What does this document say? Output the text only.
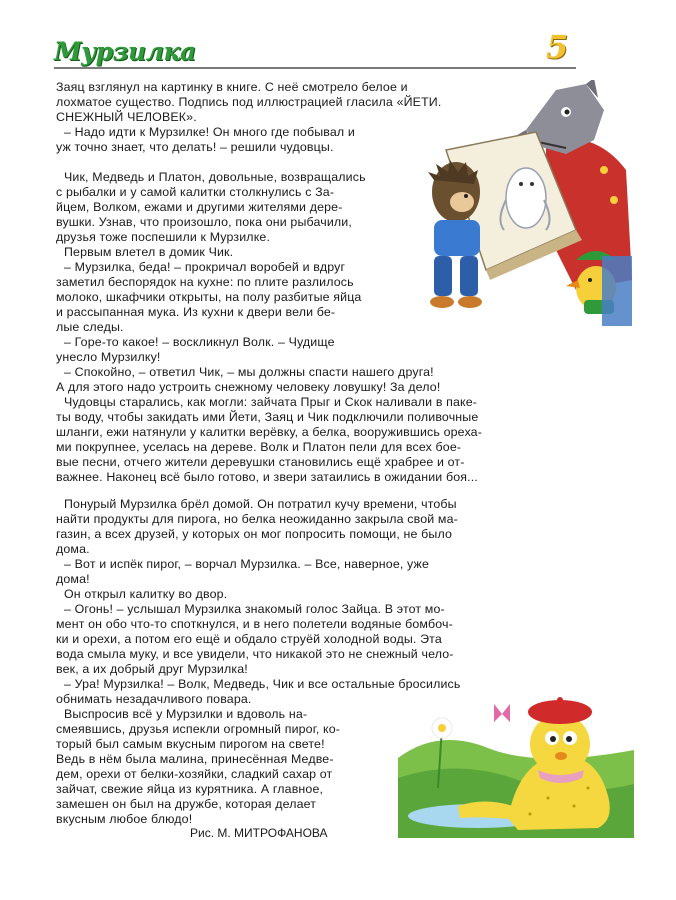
Мурзилка	5
Заяц взглянул на картинку в книге. С неё смотрело белое и
лохматое существо. Подпись под иллюстрацией гласила «ЙЕТИ.
СНЕЖНЫЙ ЧЕЛОВЕК».
– Надо идти к Мурзилке! Он много где побывал и
уж точно знает, что делать! – решили чудовцы.
Чик, Медведь и Платон, довольные, возвращались
с рыбалки и у самой калитки столкнулись с За-
йцем, Волком, ежами и другими жителями дере-
вушки. Узнав, что произошло, пока они рыбачили,
друзья тоже поспешили к Мурзилке.
Первым влетел в домик Чик.
– Мурзилка, беда! – прокричал воробей и вдруг
заметил беспорядок на кухне: по плите разлилось
молоко, шкафчики открыты, на полу разбитые яйца
и рассыпанная мука. Из кухни к двери вели бе-
лые следы.
– Горе-то какое! – воскликнул Волк. – Чудище
унесло Мурзилку!
– Спокойно, – ответил Чик, – мы должны спасти нашего друга!
А для этого надо устроить снежному человеку ловушку! За дело!
Чудовцы старались, как могли: зайчата Прыг и Скок наливали в паке-
ты воду, чтобы закидать ими Йети, Заяц и Чик подключили поливочные
шланги, ежи натянули у калитки верёвку, а белка, вооружившись ореха-
ми покрупнее, уселась на дереве. Волк и Платон пели для всех бое-
вые песни, отчего жители деревушки становились ещё храбрее и от-
важнее. Наконец всё было готово, и звери затаились в ожидании боя...
Понурый Мурзилка брёл домой. Он потратил кучу времени, чтобы
найти продукты для пирога, но белка неожиданно закрыла свой ма-
газин, а всех друзей, у которых он мог попросить помощи, не было
дома.
– Вот и испёк пирог, – ворчал Мурзилка. – Все, наверное, уже
дома!
Он открыл калитку во двор.
– Огонь! – услышал Мурзилка знакомый голос Зайца. В этот мо-
мент он обо что-то споткнулся, и в него полетели водяные бомбоч-
ки и орехи, а потом его ещё и обдало струёй холодной воды. Эта
вода смыла муку, и все увидели, что никакой это не снежный чело-
век, а их добрый друг Мурзилка!
– Ура! Мурзилка! – Волк, Медведь, Чик и все остальные бросились
обнимать незадачливого повара.
Выспросив всё у Мурзилки и вдоволь на-
смеявшись, друзья испекли огромный пирог, ко-
торый был самым вкусным пирогом на свете!
Ведь в нём была малина, принесённая Медве-
дем, орехи от белки-хозяйки, сладкий сахар от
зайчат, свежие яйца из курятника. А главное,
замешен он был на дружбе, которая делает
вкусным любое блюдо!
Рис. М. МИТРОФАНОВА
